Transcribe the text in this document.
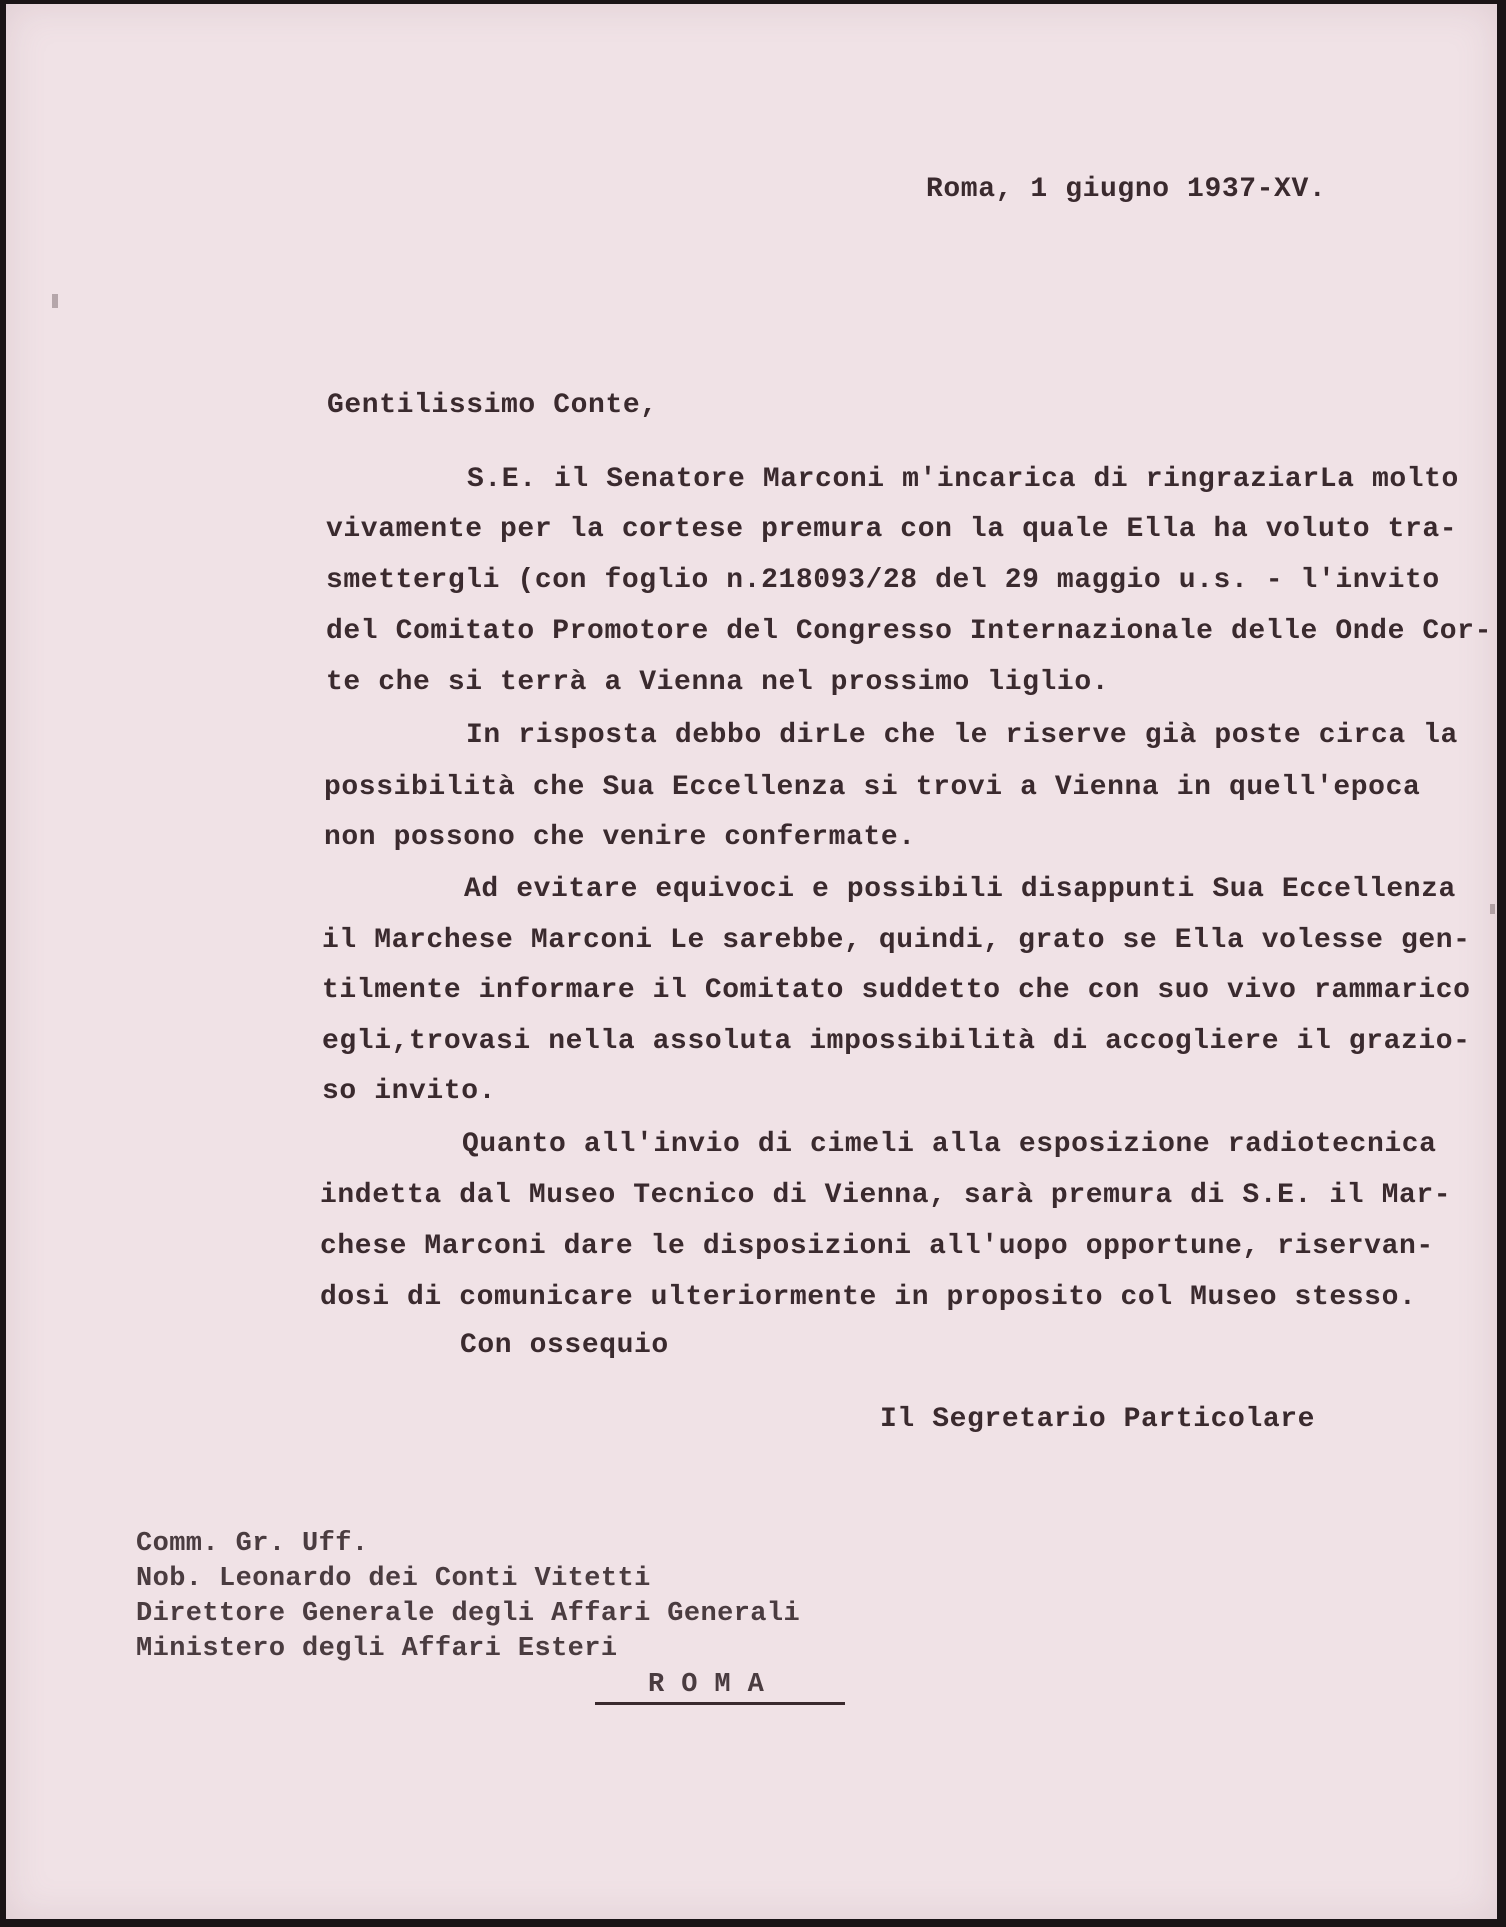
Roma, 1 giugno 1937-XV.
Gentilissimo Conte,
S.E. il Senatore Marconi m'incarica di ringraziarLa molto
vivamente per la cortese premura con la quale Ella ha voluto tra-
smettergli (con foglio n.218093/28 del 29 maggio u.s. - l'invito
del Comitato Promotore del Congresso Internazionale delle Onde Cor-
te che si terrà a Vienna nel prossimo liglio.
In risposta debbo dirLe che le riserve già poste circa la
possibilità che Sua Eccellenza si trovi a Vienna in quell'epoca
non possono che venire confermate.
Ad evitare equivoci e possibili disappunti Sua Eccellenza
il Marchese Marconi Le sarebbe, quindi, grato se Ella volesse gen-
tilmente informare il Comitato suddetto che con suo vivo rammarico
egli,trovasi nella assoluta impossibilità di accogliere il grazio-
so invito.
Quanto all'invio di cimeli alla esposizione radiotecnica
indetta dal Museo Tecnico di Vienna, sarà premura di S.E. il Mar-
chese Marconi dare le disposizioni all'uopo opportune, riservan-
dosi di comunicare ulteriormente in proposito col Museo stesso.
Con ossequio
Il Segretario Particolare
Comm. Gr. Uff.
Nob. Leonardo dei Conti Vitetti
Direttore Generale degli Affari Generali
Ministero degli Affari Esteri
R O M A
